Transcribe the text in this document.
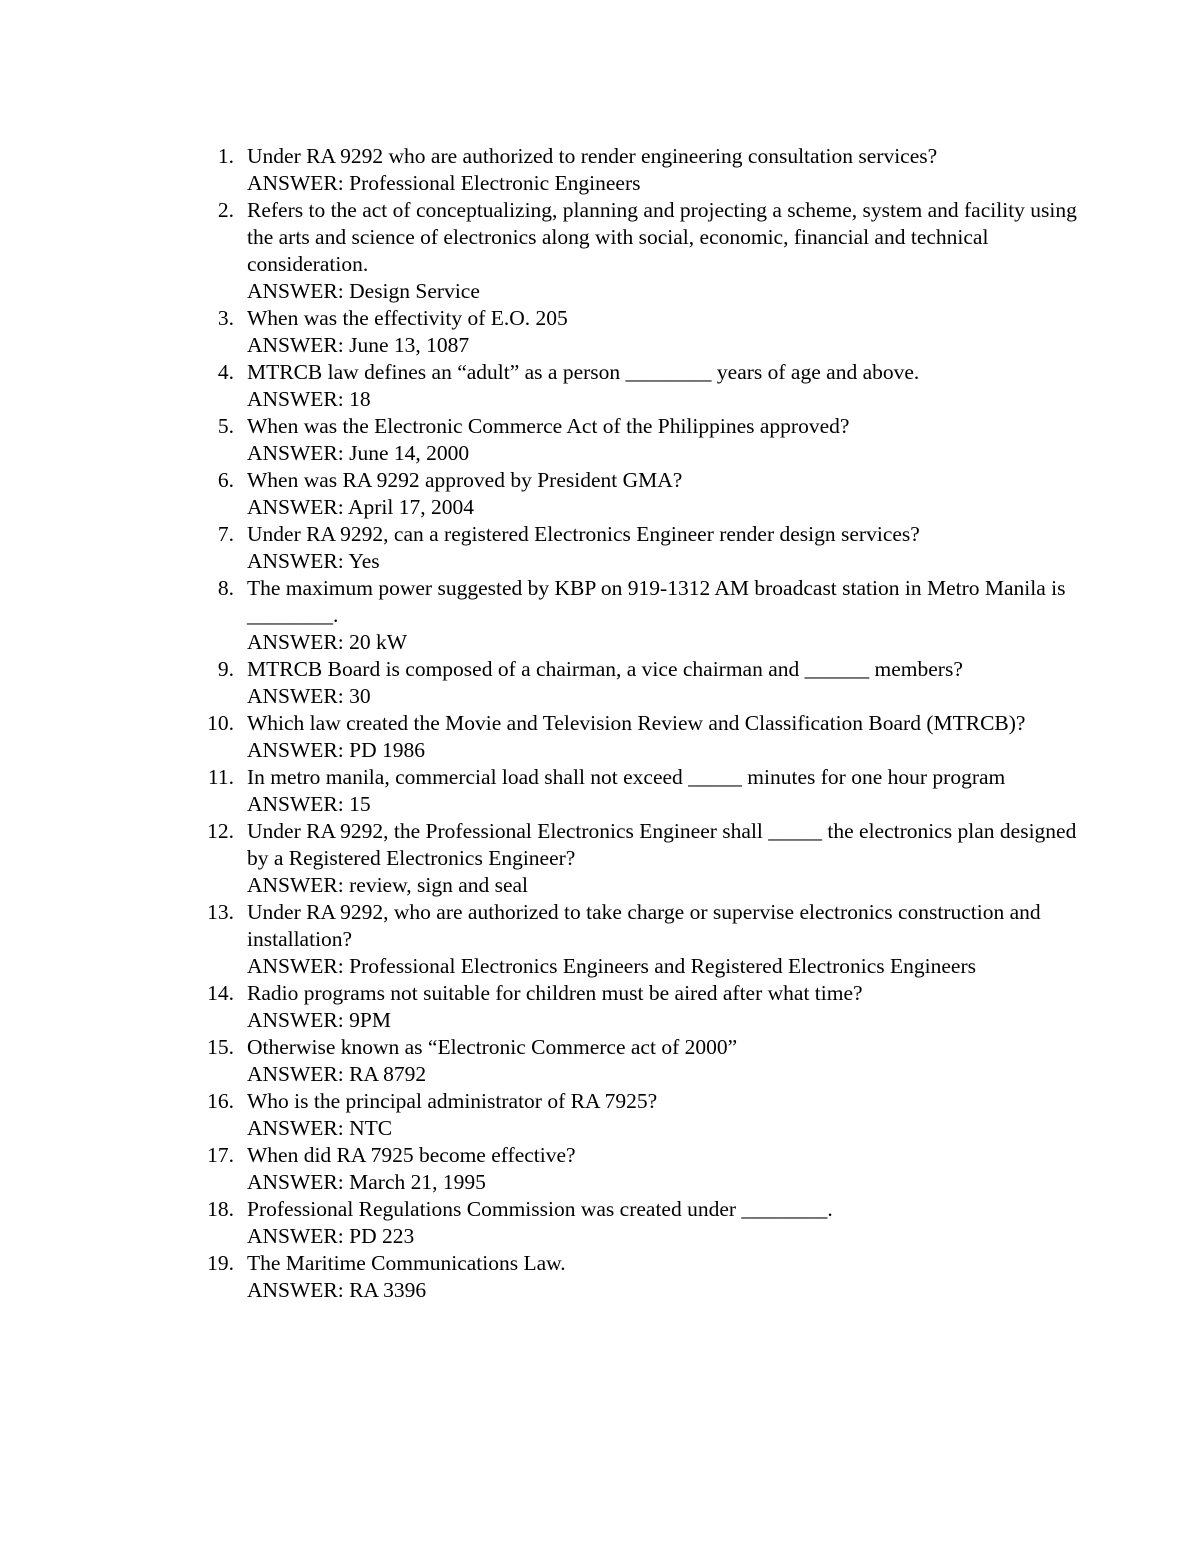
1. Under RA 9292 who are authorized to render engineering consultation services?
ANSWER: Professional Electronic Engineers
2. Refers to the act of conceptualizing, planning and projecting a scheme, system and facility using the arts and science of electronics along with social, economic, financial and technical consideration.
ANSWER: Design Service
3. When was the effectivity of E.O. 205
ANSWER: June 13, 1087
4. MTRCB law defines an “adult” as a person ________ years of age and above.
ANSWER: 18
5. When was the Electronic Commerce Act of the Philippines approved?
ANSWER: June 14, 2000
6. When was RA 9292 approved by President GMA?
ANSWER: April 17, 2004
7. Under RA 9292, can a registered Electronics Engineer render design services?
ANSWER: Yes
8. The maximum power suggested by KBP on 919-1312 AM broadcast station in Metro Manila is ________.
ANSWER: 20 kW
9. MTRCB Board is composed of a chairman, a vice chairman and ______ members?
ANSWER: 30
10. Which law created the Movie and Television Review and Classification Board (MTRCB)?
ANSWER: PD 1986
11. In metro manila, commercial load shall not exceed _____ minutes for one hour program
ANSWER: 15
12. Under RA 9292, the Professional Electronics Engineer shall _____ the electronics plan designed by a Registered Electronics Engineer?
ANSWER: review, sign and seal
13. Under RA 9292, who are authorized to take charge or supervise electronics construction and installation?
ANSWER: Professional Electronics Engineers and Registered Electronics Engineers
14. Radio programs not suitable for children must be aired after what time?
ANSWER: 9PM
15. Otherwise known as “Electronic Commerce act of 2000”
ANSWER: RA 8792
16. Who is the principal administrator of RA 7925?
ANSWER: NTC
17. When did RA 7925 become effective?
ANSWER: March 21, 1995
18. Professional Regulations Commission was created under ________.
ANSWER: PD 223
19. The Maritime Communications Law.
ANSWER: RA 3396
